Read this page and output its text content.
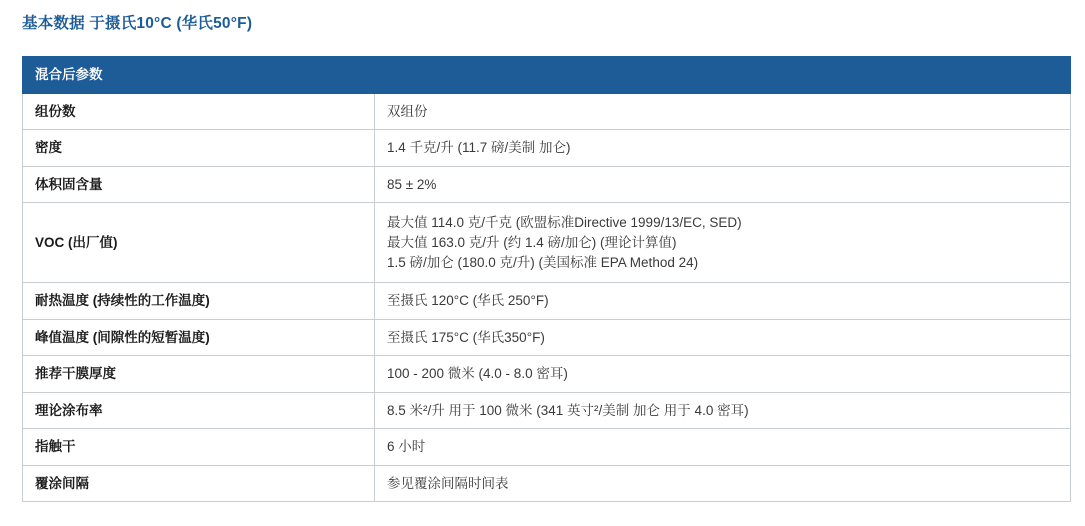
基本数据 于摄氏10°C (华氏50°F)
混合后参数	
组份数	双组份

密度	1.4 千克/升 (11.7 磅/美制 加仑)

体积固含量	85 ± 2%

VOC (出厂值)	最大值 114.0 克/千克 (欧盟标准Directive 1999/13/EC, SED)
最大值 163.0 克/升 (约 1.4 磅/加仑) (理论计算值)
1.5 磅/加仑 (180.0 克/升) (美国标准 EPA Method 24)

耐热温度 (持续性的工作温度)	至摄氏 120°C (华氏 250°F)

峰值温度 (间隙性的短暂温度)	至摄氏 175°C (华氏350°F)

推荐干膜厚度	100 - 200 微米 (4.0 - 8.0 密耳)

理论涂布率	8.5 米²/升 用于 100 微米 (341 英寸²/美制 加仑 用于 4.0 密耳)

指触干	6 小时

覆涂间隔	参见覆涂间隔时间表
